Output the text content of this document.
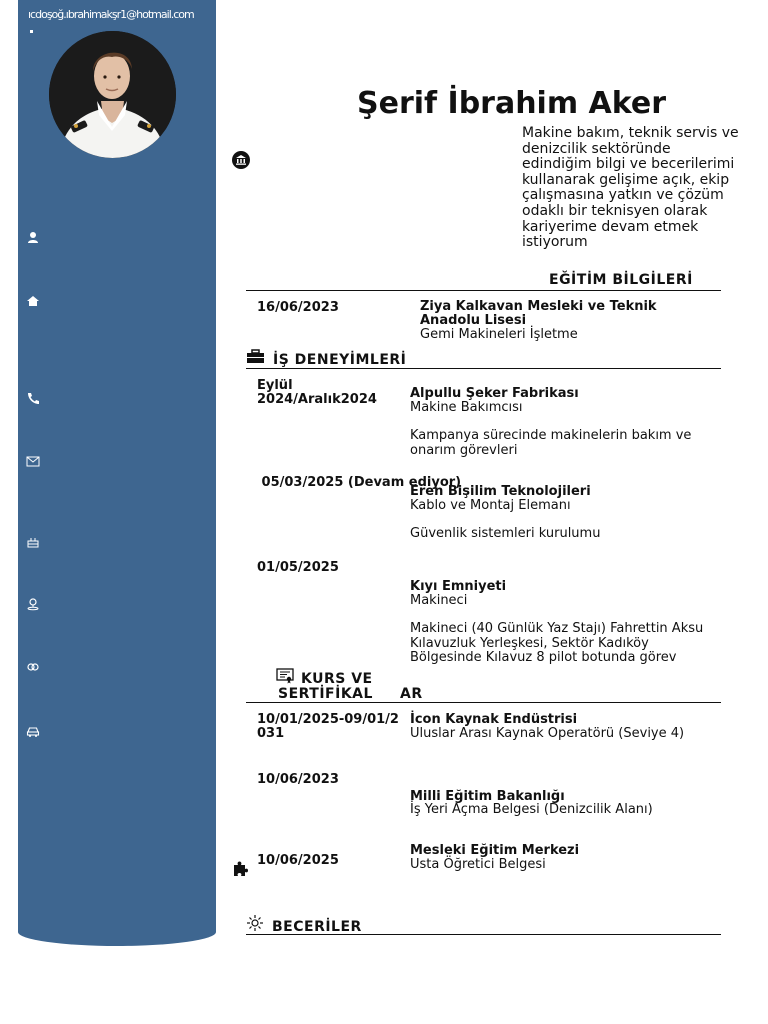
ıcdoşoğ.ıbrahimakşr1@hotmail.com
Şerif İbrahim Aker
Makine bakım, teknik servis ve denizcilik sektöründe edindiğim bilgi ve becerilerimi kullanarak gelişime açık, ekip çalışmasına yatkın ve çözüm odaklı bir teknisyen olarak kariyerime devam etmek istiyorum
EĞİTİM BİLGİLERİ
16/06/2023	Ziya Kalkavan Mesleki ve Teknik Anadolu Lisesi
Gemi Makineleri İşletme
İŞ DENEYİMLERİ
Eylül 2024/Aralık2024	Alpullu Şeker Fabrikası
Makine Bakımcısı
Kampanya sürecinde makinelerin bakım ve onarım görevleri
05/03/2025 (Devam ediyor)
Eren Bişilim Teknolojileri
Kablo ve Montaj Elemanı
Güvenlik sistemleri kurulumu
01/05/2025
Kıyı Emniyeti
Makineci
Makineci (40 Günlük Yaz Stajı) Fahrettin Aksu Kılavuzluk Yerleşkesi, Sektör Kadıköy Bölgesinde Kılavuz 8 pilot botunda görev
KURS VE
SERTİFİKAL AR
10/01/2025-09/01/2031
İcon Kaynak Endüstrisi
Uluslar Arası Kaynak Operatörü (Seviye 4)
10/06/2023
Milli Eğitim Bakanlığı
İş Yeri Açma Belgesi (Denizcilik Alanı)
10/06/2025
Mesleki Eğitim Merkezi
Usta Öğretici Belgesi
BECERİLER
